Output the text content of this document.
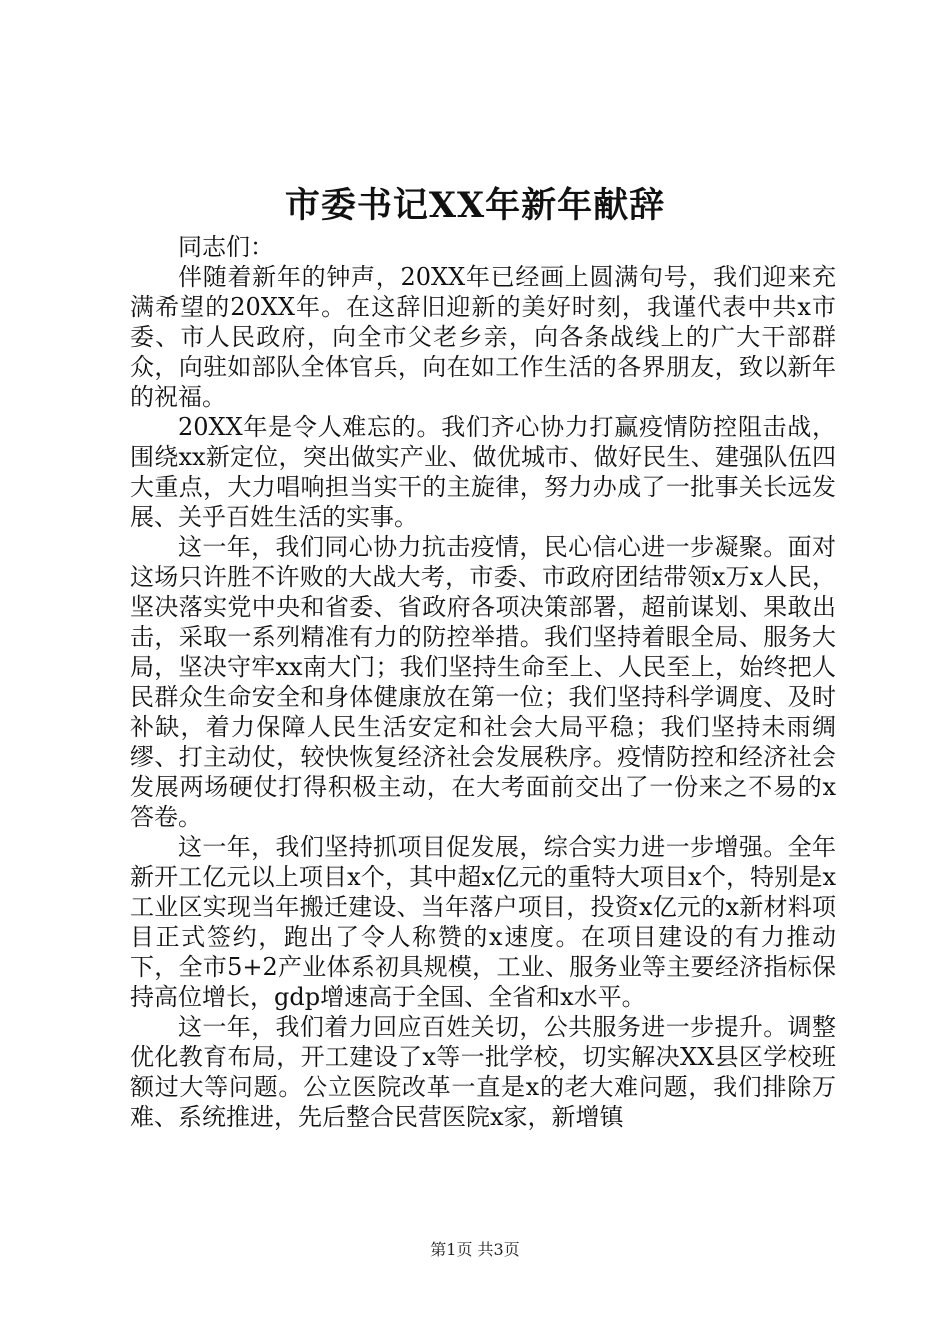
市委书记XX年新年献辞

同志们：

伴随着新年的钟声，20XX年已经画上圆满句号，我们迎来充满希望的20XX年。在这辞旧迎新的美好时刻，我谨代表中共x市委、市人民政府，向全市父老乡亲，向各条战线上的广大干部群众，向驻如部队全体官兵，向在如工作生活的各界朋友，致以新年的祝福。

20XX年是令人难忘的。我们齐心协力打赢疫情防控阻击战，围绕xx新定位，突出做实产业、做优城市、做好民生、建强队伍四大重点，大力唱响担当实干的主旋律，努力办成了一批事关长远发展、关乎百姓生活的实事。

这一年，我们同心协力抗击疫情，民心信心进一步凝聚。面对这场只许胜不许败的大战大考，市委、市政府团结带领x万x人民，坚决落实党中央和省委、省政府各项决策部署，超前谋划、果敢出击，采取一系列精准有力的防控举措。我们坚持着眼全局、服务大局，坚决守牢xx南大门；我们坚持生命至上、人民至上，始终把人民群众生命安全和身体健康放在第一位；我们坚持科学调度、及时补缺，着力保障人民生活安定和社会大局平稳；我们坚持未雨绸缪、打主动仗，较快恢复经济社会发展秩序。疫情防控和经济社会发展两场硬仗打得积极主动，在大考面前交出了一份来之不易的x答卷。

这一年，我们坚持抓项目促发展，综合实力进一步增强。全年新开工亿元以上项目x个，其中超x亿元的重特大项目x个，特别是x工业区实现当年搬迁建设、当年落户项目，投资x亿元的x新材料项目正式签约，跑出了令人称赞的x速度。在项目建设的有力推动下，全市5+2产业体系初具规模，工业、服务业等主要经济指标保持高位增长，gdp增速高于全国、全省和x水平。

这一年，我们着力回应百姓关切，公共服务进一步提升。调整优化教育布局，开工建设了x等一批学校，切实解决XX县区学校班额过大等问题。公立医院改革一直是x的老大难问题，我们排除万难、系统推进，先后整合民营医院x家，新增镇

第1页 共3页
